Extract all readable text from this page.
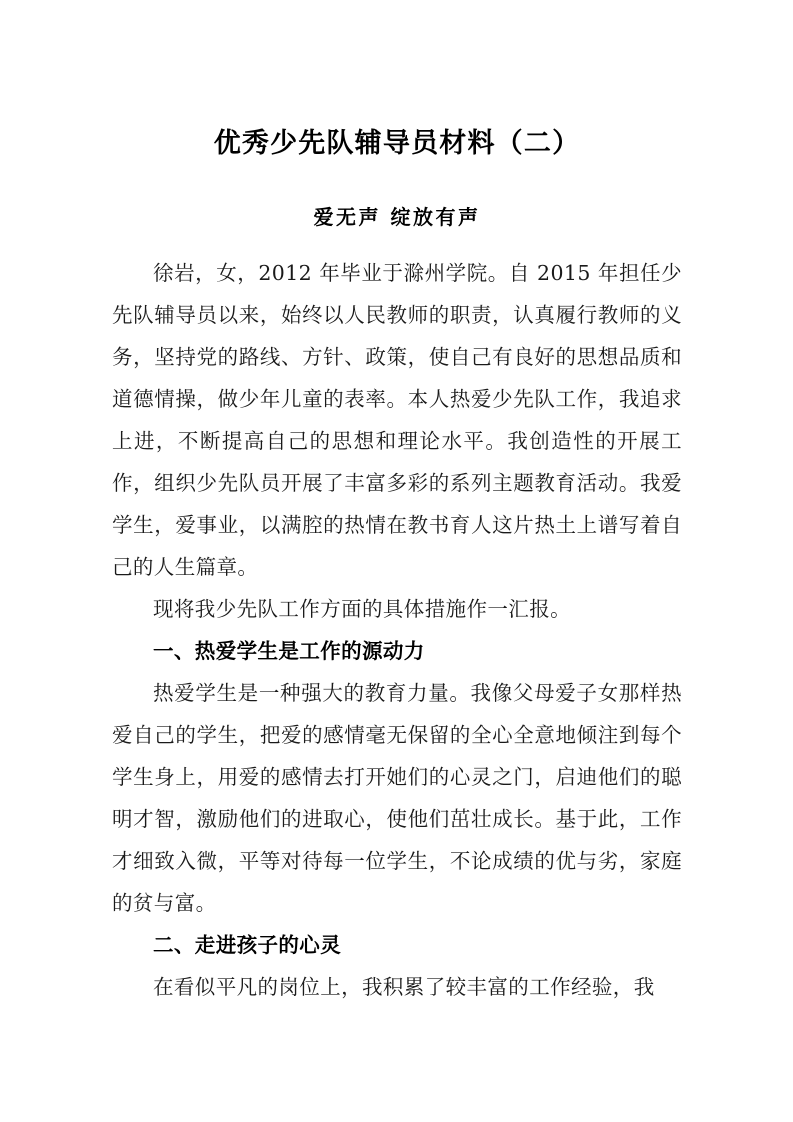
优秀少先队辅导员材料（二）
爱无声 绽放有声

徐岩，女，2012 年毕业于滁州学院。自 2015 年担任少先队辅导员以来，始终以人民教师的职责，认真履行教师的义务，坚持党的路线、方针、政策，使自己有良好的思想品质和道德情操，做少年儿童的表率。本人热爱少先队工作，我追求上进，不断提高自己的思想和理论水平。我创造性的开展工作，组织少先队员开展了丰富多彩的系列主题教育活动。我爱学生，爱事业，以满腔的热情在教书育人这片热土上谱写着自己的人生篇章。

现将我少先队工作方面的具体措施作一汇报。

一、热爱学生是工作的源动力

热爱学生是一种强大的教育力量。我像父母爱子女那样热爱自己的学生，把爱的感情毫无保留的全心全意地倾注到每个学生身上，用爱的感情去打开她们的心灵之门，启迪他们的聪明才智，激励他们的进取心，使他们茁壮成长。基于此，工作才细致入微，平等对待每一位学生，不论成绩的优与劣，家庭的贫与富。

二、走进孩子的心灵

在看似平凡的岗位上，我积累了较丰富的工作经验，我
